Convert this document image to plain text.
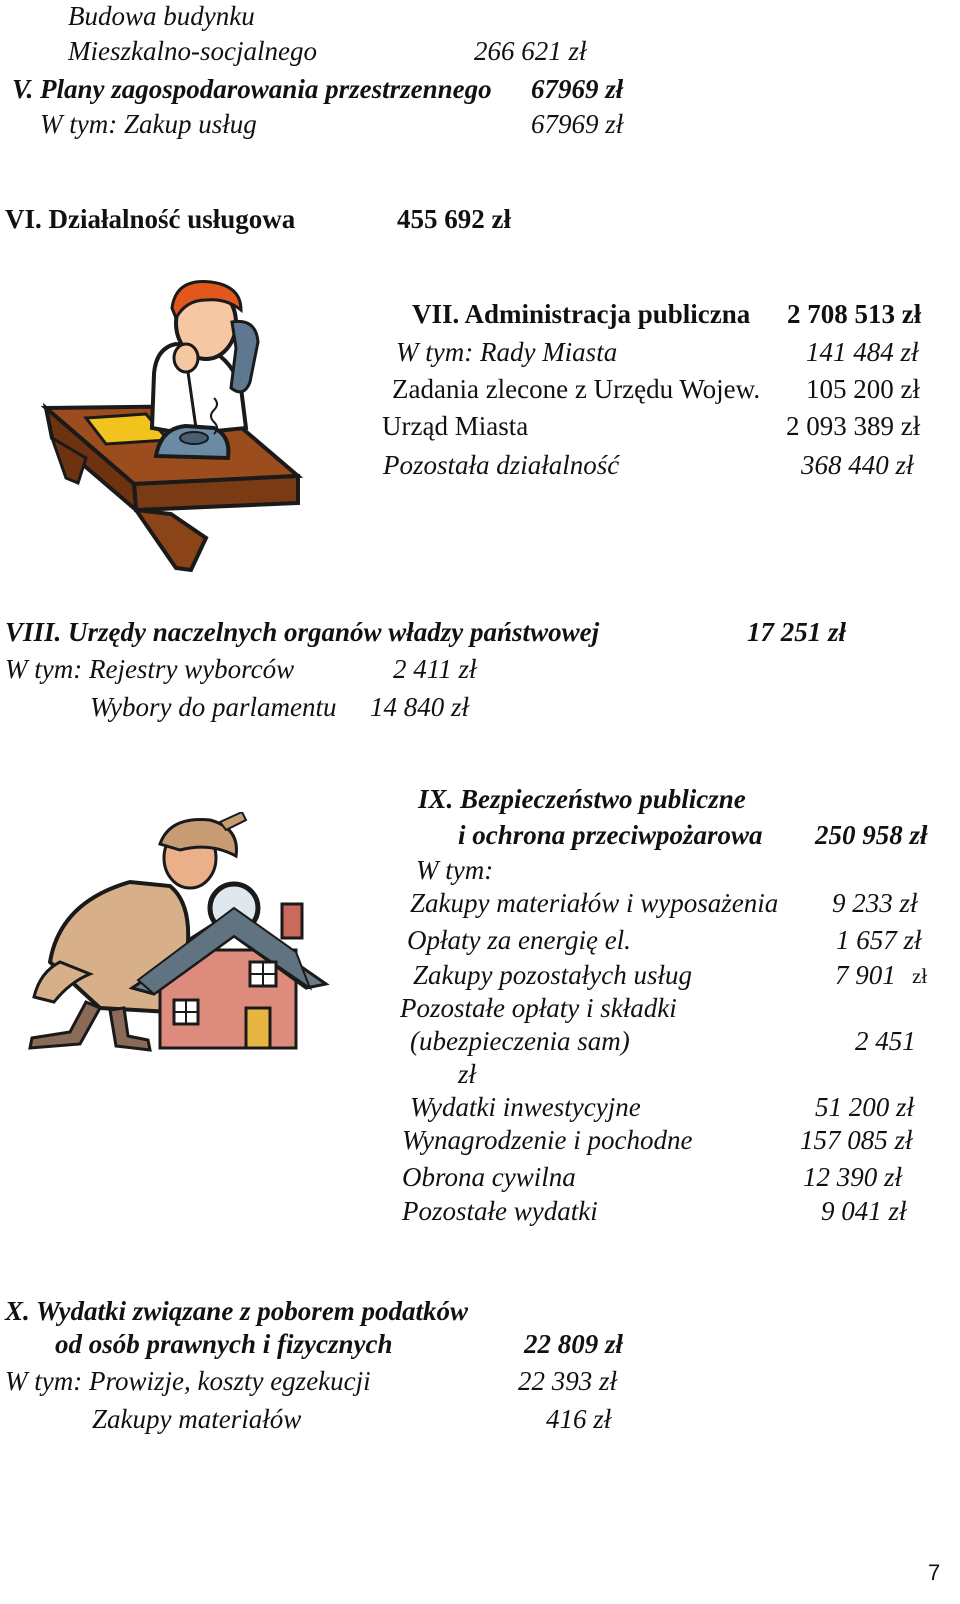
Budowa budynku
Mieszkalno-socjalnego	266 621 zł
V. Plany zagospodarowania przestrzennego 67969 zł
W tym: Zakup usług	67969 zł
VI. Działalność usługowa	455 692 zł
VII. Administracja publiczna 2 708 513 zł
W tym: Rady Miasta	141 484 zł
Zadania zlecone z Urzędu Wojew. 105 200 zł
Urząd Miasta	2 093 389 zł
Pozostała działalność	368 440 zł
VIII. Urzędy naczelnych organów władzy państwowej	17 251 zł
W tym: Rejestry wyborców	2 411 zł
Wybory do parlamentu 14 840 zł
IX. Bezpieczeństwo publiczne
i ochrona przeciwpożarowa 250 958 zł
W tym:
Zakupy materiałów i wyposażenia 9 233 zł
Opłaty za energię el.	1 657 zł
Zakupy pozostałych usług	7 901 zł
Pozostałe opłaty i składki
(ubezpieczenia sam)	2 451
zł
Wydatki inwestycyjne	51 200 zł
Wynagrodzenie i pochodne	157 085 zł
Obrona cywilna	12 390 zł
Pozostałe wydatki	9 041 zł
X. Wydatki związane z poborem podatków
od osób prawnych i fizycznych	22 809 zł
W tym: Prowizje, koszty egzekucji	22 393 zł
Zakupy materiałów	416 zł
7
